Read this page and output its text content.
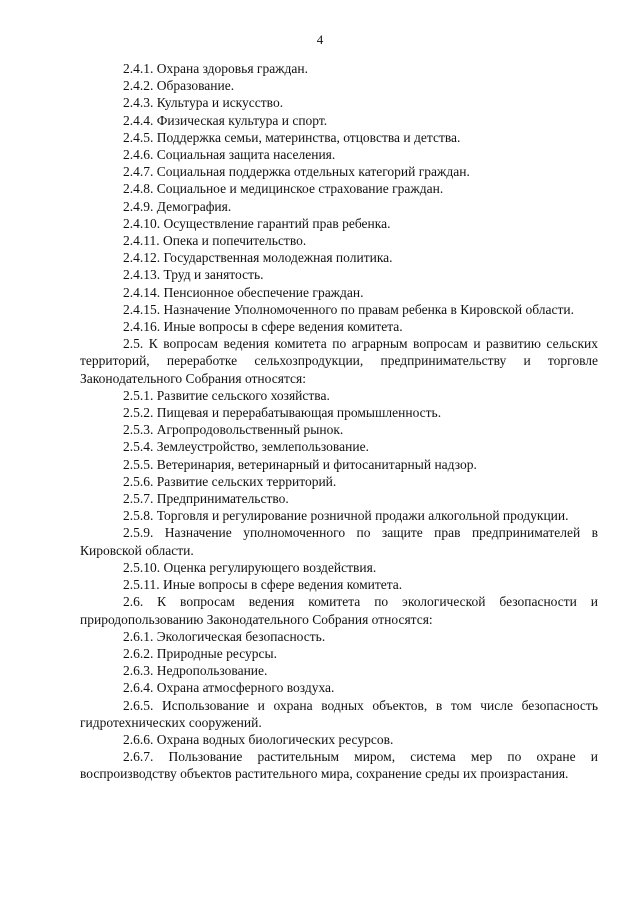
4
2.4.1. Охрана здоровья граждан.
2.4.2. Образование.
2.4.3. Культура и искусство.
2.4.4. Физическая культура и спорт.
2.4.5. Поддержка семьи, материнства, отцовства и детства.
2.4.6. Социальная защита населения.
2.4.7. Социальная поддержка отдельных категорий граждан.
2.4.8. Социальное и медицинское страхование граждан.
2.4.9. Демография.
2.4.10. Осуществление гарантий прав ребенка.
2.4.11. Опека и попечительство.
2.4.12. Государственная молодежная политика.
2.4.13. Труд и занятость.
2.4.14. Пенсионное обеспечение граждан.
2.4.15. Назначение Уполномоченного по правам ребенка в Кировской области.
2.4.16. Иные вопросы в сфере ведения комитета.
2.5. К вопросам ведения комитета по аграрным вопросам и развитию сельских территорий, переработке сельхозпродукции, предпринимательству и торговле Законодательного Собрания относятся:
2.5.1. Развитие сельского хозяйства.
2.5.2. Пищевая и перерабатывающая промышленность.
2.5.3. Агропродовольственный рынок.
2.5.4. Землеустройство, землепользование.
2.5.5. Ветеринария, ветеринарный и фитосанитарный надзор.
2.5.6. Развитие сельских территорий.
2.5.7. Предпринимательство.
2.5.8. Торговля и регулирование розничной продажи алкогольной продукции.
2.5.9. Назначение уполномоченного по защите прав предпринимателей в Кировской области.
2.5.10. Оценка регулирующего воздействия.
2.5.11. Иные вопросы в сфере ведения комитета.
2.6. К вопросам ведения комитета по экологической безопасности и природопользованию Законодательного Собрания относятся:
2.6.1. Экологическая безопасность.
2.6.2. Природные ресурсы.
2.6.3. Недропользование.
2.6.4. Охрана атмосферного воздуха.
2.6.5. Использование и охрана водных объектов, в том числе безопасность гидротехнических сооружений.
2.6.6. Охрана водных биологических ресурсов.
2.6.7. Пользование растительным миром, система мер по охране и воспроизводству объектов растительного мира, сохранение среды их произрастания.
